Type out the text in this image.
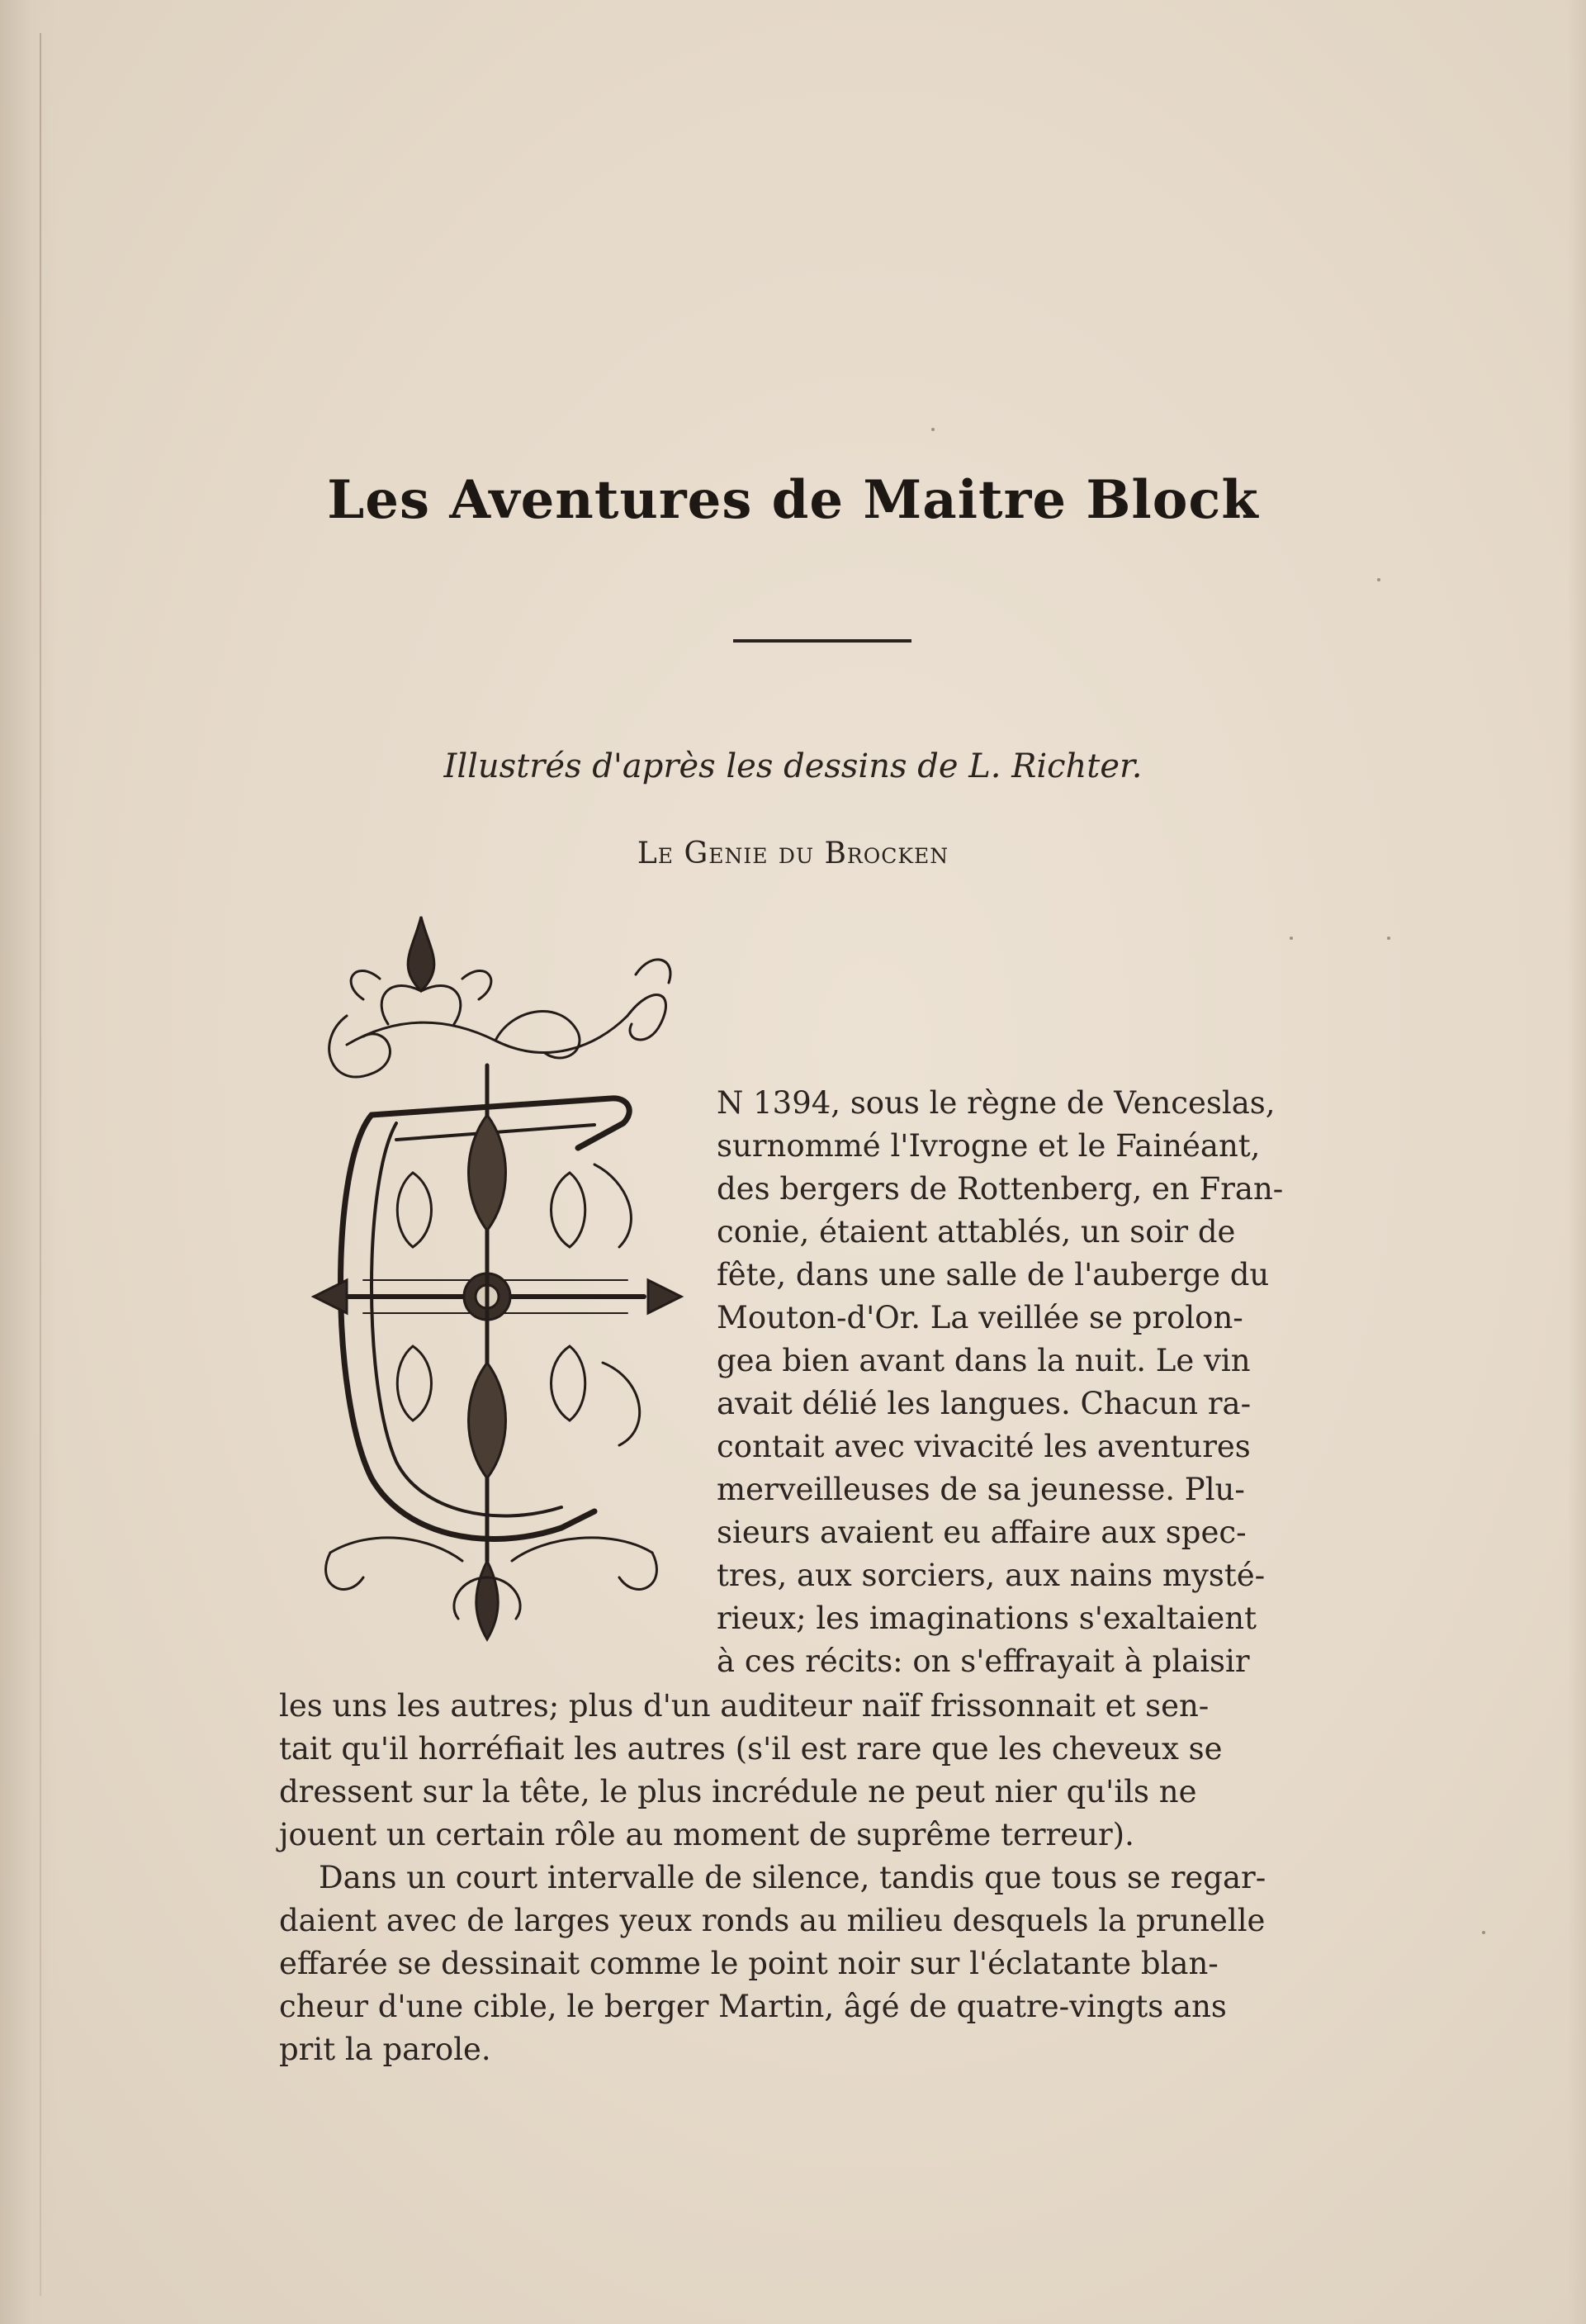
Les Aventures de Maitre Block
Illustrés d'après les dessins de L. Richter.
Le Genie du Brocken
N 1394, sous le règne de Venceslas,
surnommé l'Ivrogne et le Fainéant,
des bergers de Rottenberg, en Fran-
conie, étaient attablés, un soir de
fête, dans une salle de l'auberge du
Mouton-d'Or. La veillée se prolon-
gea bien avant dans la nuit. Le vin
avait délié les langues. Chacun ra-
contait avec vivacité les aventures
merveilleuses de sa jeunesse. Plu-
sieurs avaient eu affaire aux spec-
tres, aux sorciers, aux nains mysté-
rieux; les imaginations s'exaltaient
à ces récits: on s'effrayait à plaisir
les uns les autres; plus d'un auditeur naïf frissonnait et sen-
tait qu'il horréfiait les autres (s'il est rare que les cheveux se
dressent sur la tête, le plus incrédule ne peut nier qu'ils ne
jouent un certain rôle au moment de suprême terreur).
Dans un court intervalle de silence, tandis que tous se regar-
daient avec de larges yeux ronds au milieu desquels la prunelle
effarée se dessinait comme le point noir sur l'éclatante blan-
cheur d'une cible, le berger Martin, âgé de quatre-vingts ans
prit la parole.
